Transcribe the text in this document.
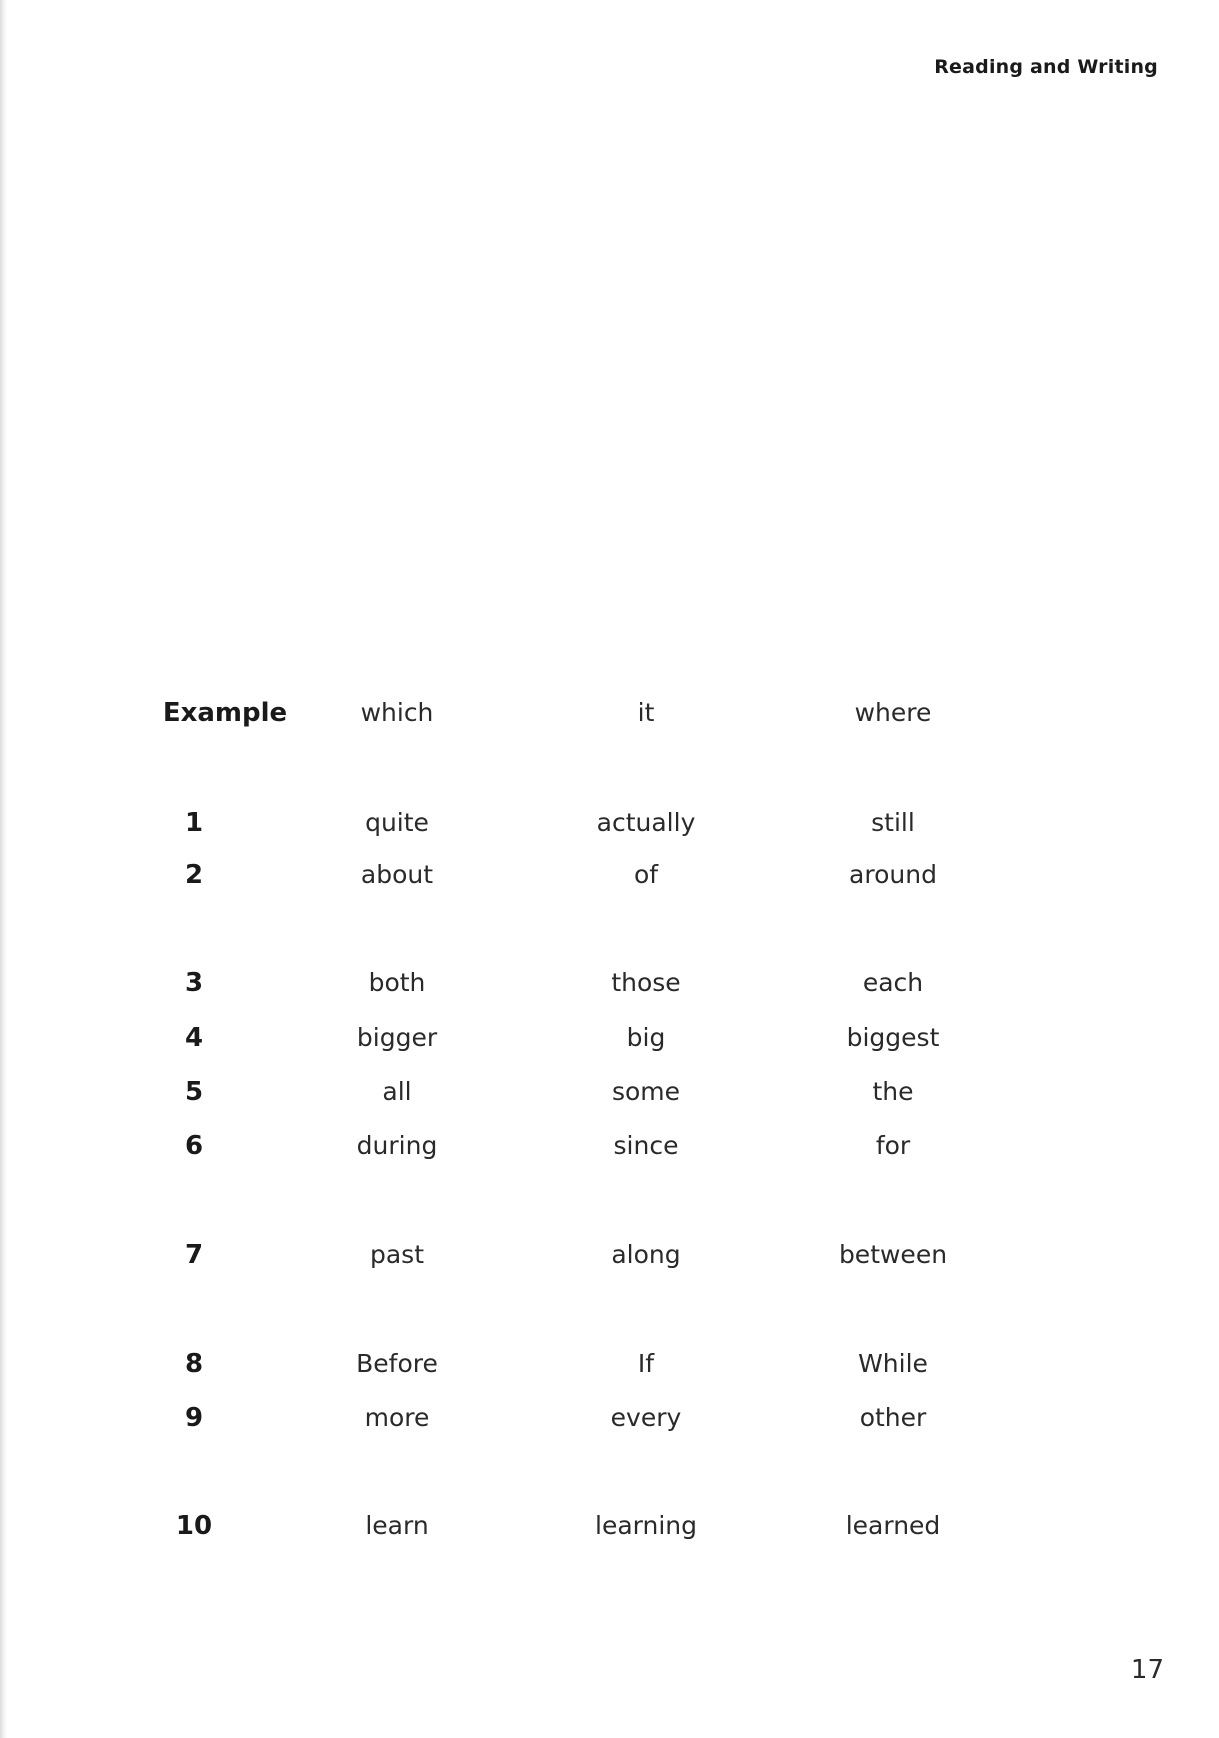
Reading and Writing
Example	which	it	where
1	quite	actually	still
2	about	of	around
3	both	those	each
4	bigger	big	biggest
5	all	some	the
6	during	since	for
7	past	along	between
8	Before	If	While
9	more	every	other
10	learn	learning	learned
17
